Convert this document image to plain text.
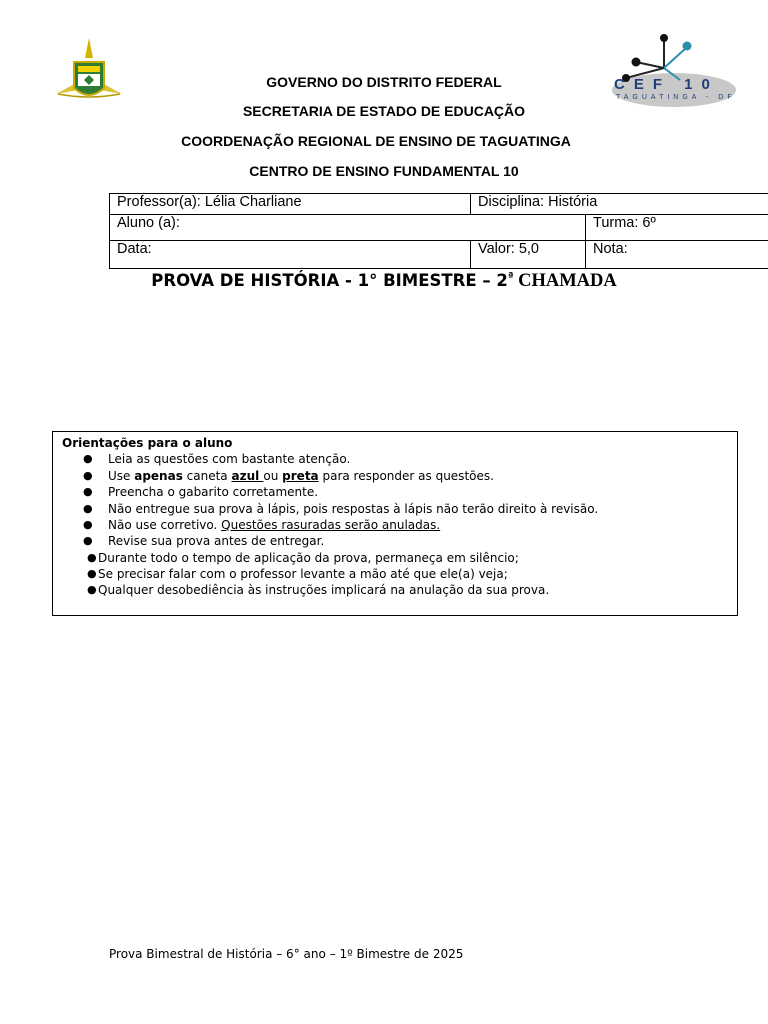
CEF 10
TAGUATINGA - DF
GOVERNO DO DISTRITO FEDERAL
SECRETARIA DE ESTADO DE EDUCAÇÃO
COORDENAÇÃO REGIONAL DE ENSINO DE TAGUATINGA
CENTRO DE ENSINO FUNDAMENTAL 10
Professor(a): Lélia Charliane	Disciplina: História	
Aluno (a):		Turma: 6º
Data:	Valor: 5,0	Nota:
PROVA DE HISTÓRIA - 1° BIMESTRE – $2^ª$ CHAMADA
Orientações para o aluno
● Leia as questões com bastante atenção.
● Use apenas caneta azul ou preta para responder as questões.
● Preencha o gabarito corretamente.
● Não entregue sua prova à lápis, pois respostas à lápis não terão direito à revisão.
● Não use corretivo. Questões rasuradas serão anuladas.
● Revise sua prova antes de entregar.
● Durante todo o tempo de aplicação da prova, permaneça em silêncio;
● Se precisar falar com o professor levante a mão até que ele(a) veja;
● Qualquer desobediência às instruções implicará na anulação da sua prova.
Prova Bimestral de História – 6° ano – 1º Bimestre de 2025
